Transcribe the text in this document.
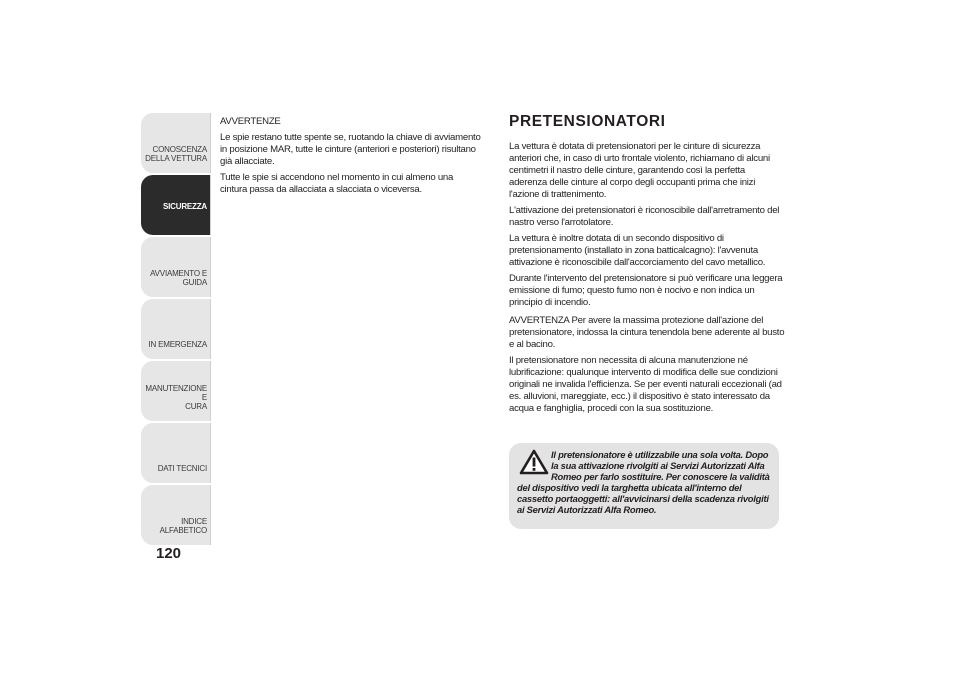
CONOSCENZA
DELLA VETTURA
SICUREZZA
AVVIAMENTO E
GUIDA
IN EMERGENZA
MANUTENZIONE E
CURA
DATI TECNICI
INDICE ALFABETICO
120

AVVERTENZE

Le spie restano tutte spente se, ruotando la chiave di avviamento in posizione MAR, tutte le cinture (anteriori e posteriori) risultano già allacciate.

Tutte le spie si accendono nel momento in cui almeno una cintura passa da allacciata a slacciata o viceversa.

PRETENSIONATORI

La vettura è dotata di pretensionatori per le cinture di sicurezza anteriori che, in caso di urto frontale violento, richiamano di alcuni centimetri il nastro delle cinture, garantendo così la perfetta aderenza delle cinture al corpo degli occupanti prima che inizi l'azione di trattenimento.

L'attivazione dei pretensionatori è riconoscibile dall'arretramento del nastro verso l'arrotolatore.

La vettura è inoltre dotata di un secondo dispositivo di pretensionamento (installato in zona batticalcagno): l'avvenuta attivazione è riconoscibile dall'accorciamento del cavo metallico.

Durante l'intervento del pretensionatore si può verificare una leggera emissione di fumo; questo fumo non è nocivo e non indica un principio di incendio.

AVVERTENZA Per avere la massima protezione dall'azione del pretensionatore, indossa la cintura tenendola bene aderente al busto e al bacino.

Il pretensionatore non necessita di alcuna manutenzione né lubrificazione: qualunque intervento di modifica delle sue condizioni originali ne invalida l'efficienza. Se per eventi naturali eccezionali (ad es. alluvioni, mareggiate, ecc.) il dispositivo è stato interessato da acqua e fanghiglia, procedi con la sua sostituzione.

Il pretensionatore è utilizzabile una sola volta. Dopo la sua attivazione rivolgiti ai Servizi Autorizzati Alfa Romeo per farlo sostituire. Per conoscere la validità del dispositivo vedi la targhetta ubicata all'interno del cassetto portaoggetti: all'avvicinarsi della scadenza rivolgiti ai Servizi Autorizzati Alfa Romeo.
